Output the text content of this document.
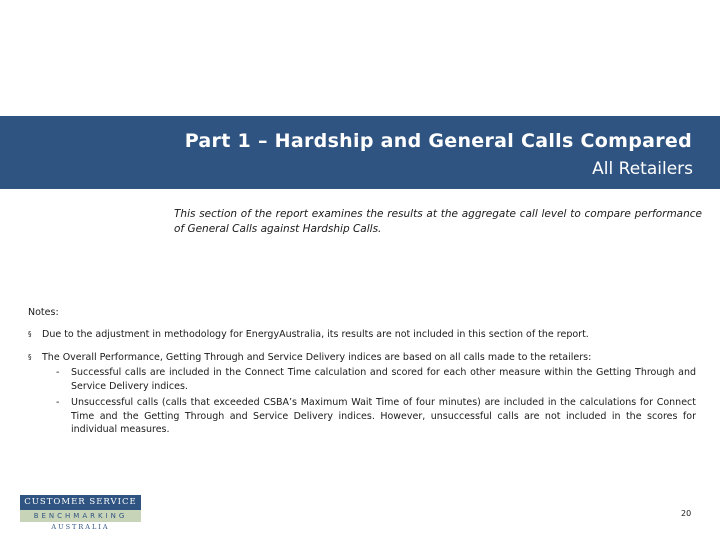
Part 1 – Hardship and General Calls Compared
All Retailers
This section of the report examines the results at the aggregate call level to compare performance of General Calls against Hardship Calls.
Notes:
§	Due to the adjustment in methodology for EnergyAustralia, its results are not included in this section of the report.
§	The Overall Performance, Getting Through and Service Delivery indices are based on all calls made to the retailers:
- Successful calls are included in the Connect Time calculation and scored for each other measure within the Getting Through and Service Delivery indices.
- Unsuccessful calls (calls that exceeded CSBA’s Maximum Wait Time of four minutes) are included in the calculations for Connect Time and the Getting Through and Service Delivery indices. However, unsuccessful calls are not included in the scores for individual measures.
CUSTOMER SERVICE
BENCHMARKING
AUSTRALIA
20
